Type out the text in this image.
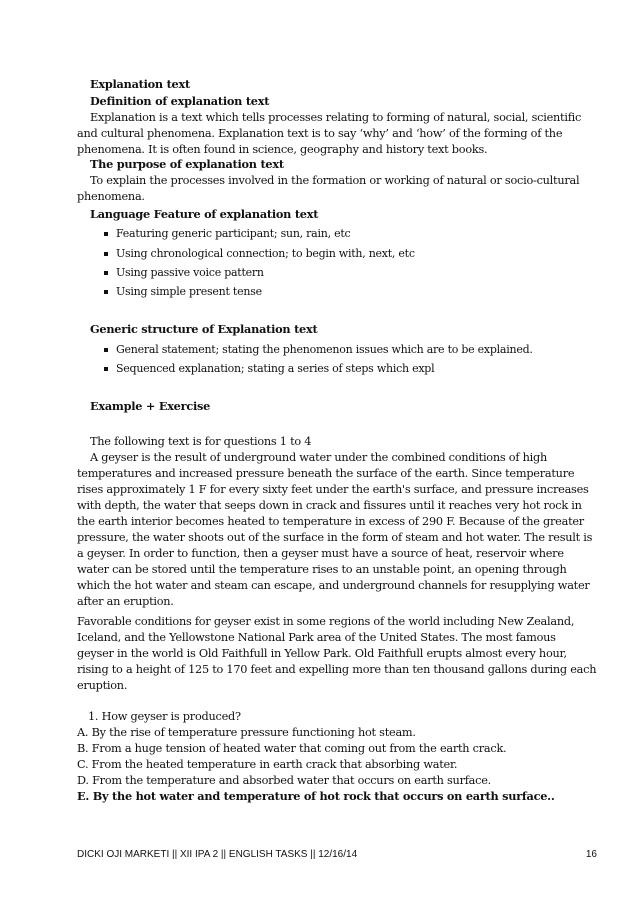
Explanation text

Definition of explanation text

Explanation is a text which tells processes relating to forming of natural, social, scientific

and cultural phenomena. Explanation text is to say ‘why’ and ‘how’ of the forming of the

phenomena. It is often found in science, geography and history text books.

The purpose of explanation text

To explain the processes involved in the formation or working of natural or socio-cultural

phenomena.

Language Feature of explanation text

Featuring generic participant; sun, rain, etc

Using chronological connection; to begin with, next, etc

Using passive voice pattern

Using simple present tense

Generic structure of Explanation text

General statement; stating the phenomenon issues which are to be explained.

Sequenced explanation; stating a series of steps which expl

Example + Exercise

The following text is for questions 1 to 4

A geyser is the result of underground water under the combined conditions of high

temperatures and increased pressure beneath the surface of the earth. Since temperature

rises approximately 1 F for every sixty feet under the earth's surface, and pressure increases

with depth, the water that seeps down in crack and fissures until it reaches very hot rock in

the earth interior becomes heated to temperature in excess of 290 F. Because of the greater

pressure, the water shoots out of the surface in the form of steam and hot water. The result is

a geyser. In order to function, then a geyser must have a source of heat, reservoir where

water can be stored until the temperature rises to an unstable point, an opening through

which the hot water and steam can escape, and underground channels for resupplying water

after an eruption.

Favorable conditions for geyser exist in some regions of the world including New Zealand,

Iceland, and the Yellowstone National Park area of the United States. The most famous

geyser in the world is Old Faithfull in Yellow Park. Old Faithfull erupts almost every hour,

rising to a height of 125 to 170 feet and expelling more than ten thousand gallons during each

eruption.

1. How geyser is produced?

A. By the rise of temperature pressure functioning hot steam.

B. From a huge tension of heated water that coming out from the earth crack.

C. From the heated temperature in earth crack that absorbing water.

D. From the temperature and absorbed water that occurs on earth surface.

E. By the hot water and temperature of hot rock that occurs on earth surface..

DICKI OJI MARKETI || XII IPA 2 || ENGLISH TASKS || 12/16/14	16
